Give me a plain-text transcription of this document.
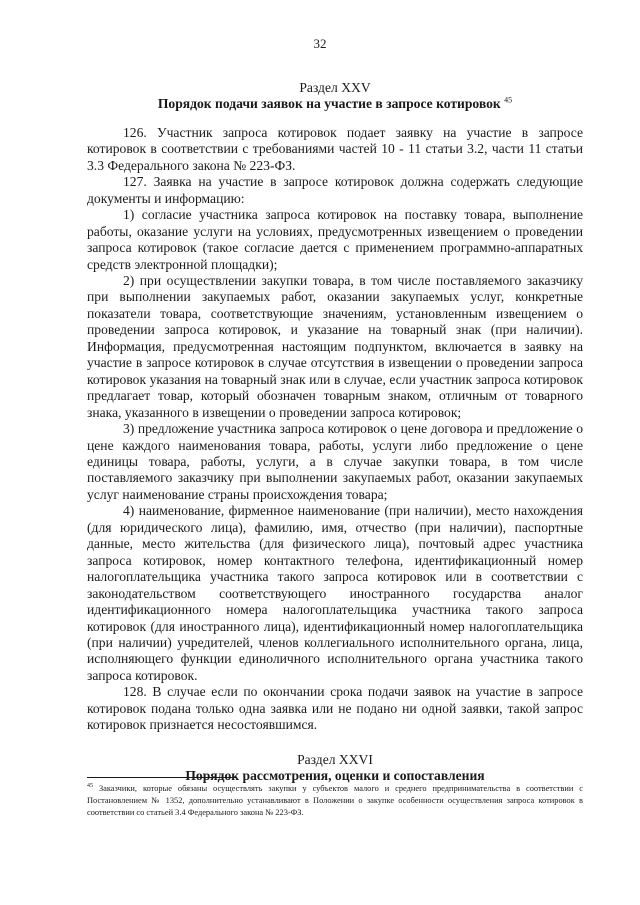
32

Раздел XXV

Порядок подачи заявок на участие в запросе котировок $^{45}$

126. Участник запроса котировок подает заявку на участие в запросе котировок в соответствии с требованиями частей 10 - 11 статьи 3.2, части 11 статьи 3.3 Федерального закона № 223-ФЗ.

127. Заявка на участие в запросе котировок должна содержать следующие документы и информацию:

1) согласие участника запроса котировок на поставку товара, выполнение работы, оказание услуги на условиях, предусмотренных извещением о проведении запроса котировок (такое согласие дается с применением программно-аппаратных средств электронной площадки);

2) при осуществлении закупки товара, в том числе поставляемого заказчику при выполнении закупаемых работ, оказании закупаемых услуг, конкретные показатели товара, соответствующие значениям, установленным извещением о проведении запроса котировок, и указание на товарный знак (при наличии). Информация, предусмотренная настоящим подпунктом, включается в заявку на участие в запросе котировок в случае отсутствия в извещении о проведении запроса котировок указания на товарный знак или в случае, если участник запроса котировок предлагает товар, который обозначен товарным знаком, отличным от товарного знака, указанного в извещении о проведении запроса котировок;

3) предложение участника запроса котировок о цене договора и предложение о цене каждого наименования товара, работы, услуги либо предложение о цене единицы товара, работы, услуги, а в случае закупки товара, в том числе поставляемого заказчику при выполнении закупаемых работ, оказании закупаемых услуг наименование страны происхождения товара;

4) наименование, фирменное наименование (при наличии), место нахождения (для юридического лица), фамилию, имя, отчество (при наличии), паспортные данные, место жительства (для физического лица), почтовый адрес участника запроса котировок, номер контактного телефона, идентификационный номер налогоплательщика участника такого запроса котировок или в соответствии с законодательством соответствующего иностранного государства аналог идентификационного номера налогоплательщика участника такого запроса котировок (для иностранного лица), идентификационный номер налогоплательщика (при наличии) учредителей, членов коллегиального исполнительного органа, лица, исполняющего функции единоличного исполнительного органа участника такого запроса котировок.

128. В случае если по окончании срока подачи заявок на участие в запросе котировок подана только одна заявка или не подано ни одной заявки, такой запрос котировок признается несостоявшимся.

Раздел XXVI

Порядок рассмотрения, оценки и сопоставления

$^{45}$ Заказчики, которые обязаны осуществлять закупки у субъектов малого и среднего предпринимательства в соответствии с Постановлением № 1352, дополнительно устанавливают в Положении о закупке особенности осуществления запроса котировок в соответствии со статьей 3.4 Федерального закона № 223-ФЗ.
